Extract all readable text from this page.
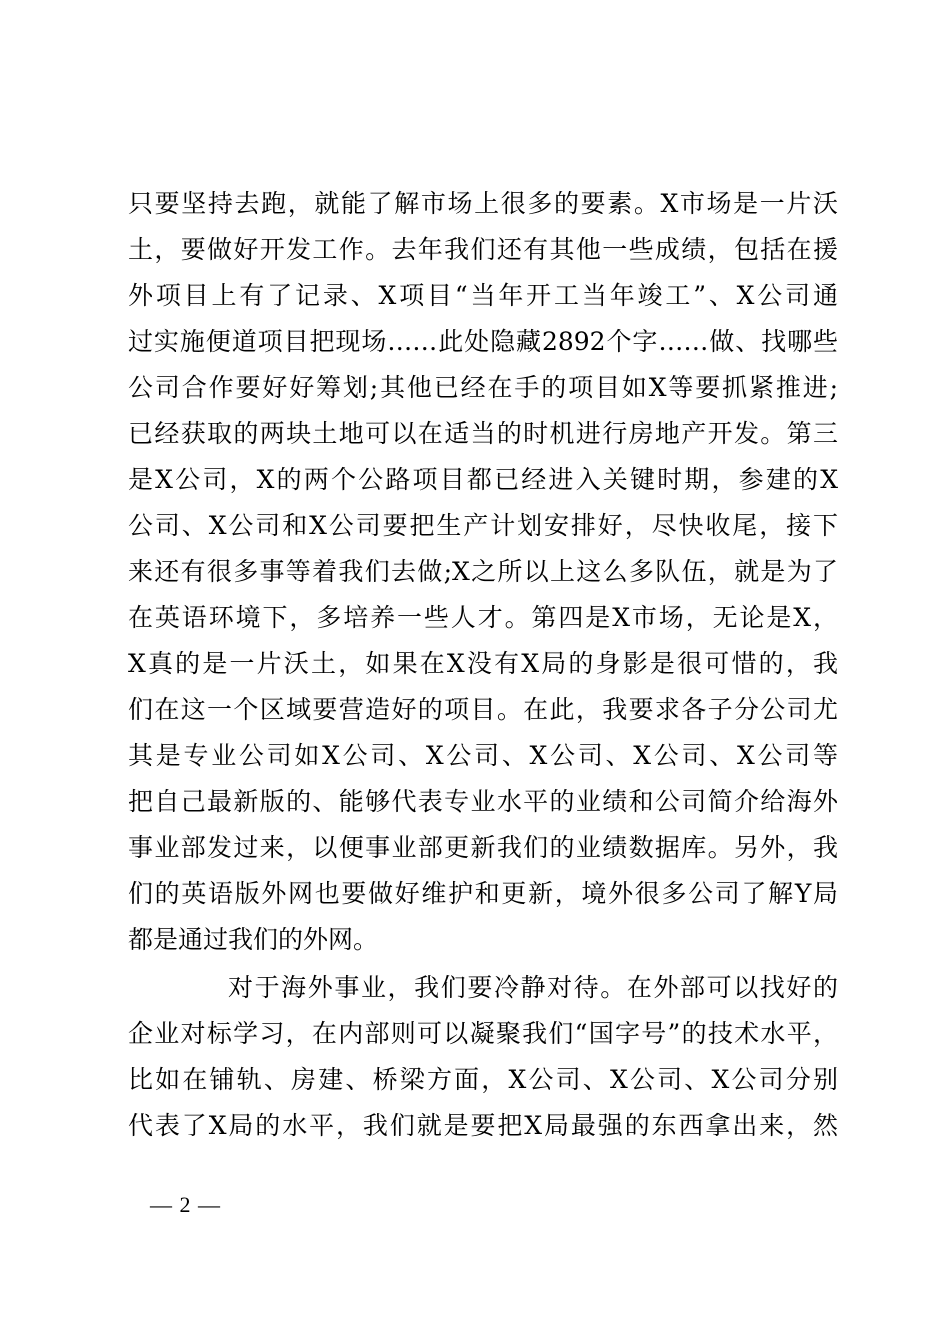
只要坚持去跑，就能了解市场上很多的要素。X市场是一片沃
土，要做好开发工作。去年我们还有其他一些成绩，包括在援
外项目上有了记录、X项目“当年开工当年竣工”、X公司通
过实施便道项目把现场……此处隐藏2892个字……做、找哪些
公司合作要好好筹划;其他已经在手的项目如X等要抓紧推进;
已经获取的两块土地可以在适当的时机进行房地产开发。第三
是X公司，X的两个公路项目都已经进入关键时期，参建的X
公司、X公司和X公司要把生产计划安排好，尽快收尾，接下
来还有很多事等着我们去做;X之所以上这么多队伍，就是为了
在英语环境下，多培养一些人才。第四是X市场，无论是X，
X真的是一片沃土，如果在X没有X局的身影是很可惜的，我
们在这一个区域要营造好的项目。在此，我要求各子分公司尤
其是专业公司如X公司、X公司、X公司、X公司、X公司等
把自己最新版的、能够代表专业水平的业绩和公司简介给海外
事业部发过来，以便事业部更新我们的业绩数据库。另外，我
们的英语版外网也要做好维护和更新，境外很多公司了解Y局
都是通过我们的外网。
对于海外事业，我们要冷静对待。在外部可以找好的
企业对标学习，在内部则可以凝聚我们“国字号”的技术水平，
比如在铺轨、房建、桥梁方面，X公司、X公司、X公司分别
代表了X局的水平，我们就是要把X局最强的东西拿出来，然
— 2 —
